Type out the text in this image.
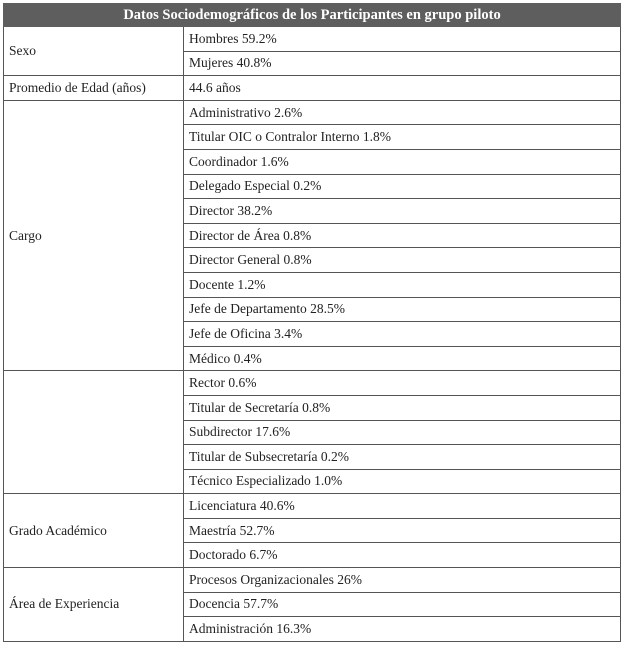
Datos Sociodemográficos de los Participantes en grupo piloto	
Sexo	Hombres 59.2%
	Mujeres 40.8%
Promedio de Edad (años)	44.6 años
Cargo	Administrativo 2.6%
	Titular OIC o Contralor Interno 1.8%
	Coordinador 1.6%
	Delegado Especial 0.2%
	Director 38.2%
	Director de Área 0.8%
	Director General 0.8%
	Docente 1.2%
	Jefe de Departamento 28.5%
	Jefe de Oficina 3.4%
	Médico 0.4%
	Rector 0.6%
	Titular de Secretaría 0.8%
	Subdirector 17.6%
	Titular de Subsecretaría 0.2%
	Técnico Especializado 1.0%
Grado Académico	Licenciatura 40.6%
	Maestría 52.7%
	Doctorado 6.7%
Área de Experiencia	Procesos Organizacionales 26%
	Docencia 57.7%
	Administración 16.3%
